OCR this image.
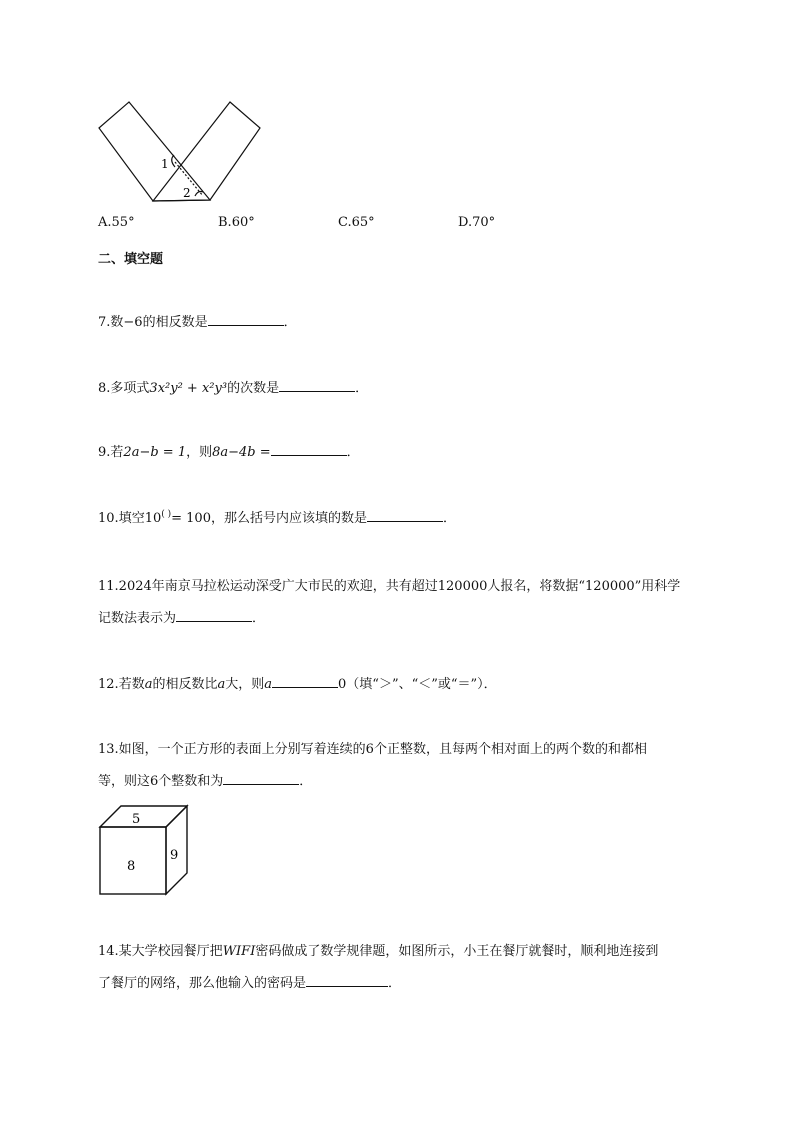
1
2
A.55°	B.60°	C.65°	D.70°
二、填空题
7.数−6的相反数是	．
8.多项式3x²y² + x²y³的次数是	．
9.若2a−b = 1，则8a−4b =	．
10.填空10( )= 100，那么括号内应该填的数是	．
11.2024年南京马拉松运动深受广大市民的欢迎，共有超过120000人报名，将数据“120000”用科学
记数法表示为	．
12.若数a的相反数比a大，则a	0（填“＞”、“＜”或“＝”）．
13.如图，一个正方形的表面上分别写着连续的6个正整数，且每两个相对面上的两个数的和都相
等，则这6个整数和为	．
5
8
9
14.某大学校园餐厅把WIFI密码做成了数学规律题，如图所示，小王在餐厅就餐时，顺利地连接到
了餐厅的网络，那么他输入的密码是	．
